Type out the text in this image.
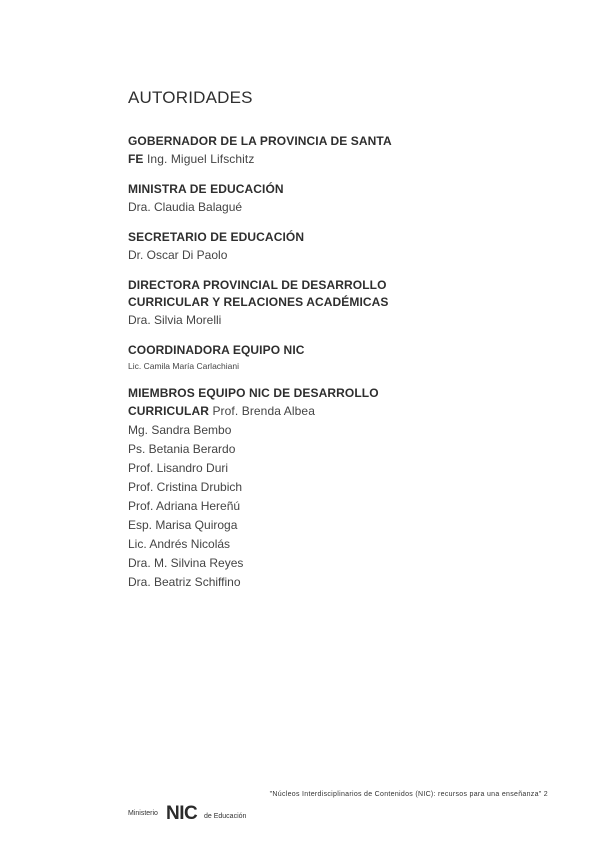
AUTORIDADES
GOBERNADOR DE LA PROVINCIA DE SANTA
FE Ing. Miguel Lifschitz
MINISTRA DE EDUCACIÓN
Dra. Claudia Balagué
SECRETARIO DE EDUCACIÓN
Dr. Oscar Di Paolo
DIRECTORA PROVINCIAL DE DESARROLLO
CURRICULAR Y RELACIONES ACADÉMICAS
Dra. Silvia Morelli
COORDINADORA EQUIPO NIC
Lic. Camila María Carlachiani
MIEMBROS EQUIPO NIC DE DESARROLLO
CURRICULAR Prof. Brenda Albea
Mg. Sandra Bembo
Ps. Betania Berardo
Prof. Lisandro Duri
Prof. Cristina Drubich
Prof. Adriana Hereñú
Esp. Marisa Quiroga
Lic. Andrés Nicolás
Dra. M. Silvina Reyes
Dra. Beatriz Schiffino
"Núcleos Interdisciplinarios de Contenidos (NIC): recursos para una enseñanza" 2
Ministerio NIC de Educación
